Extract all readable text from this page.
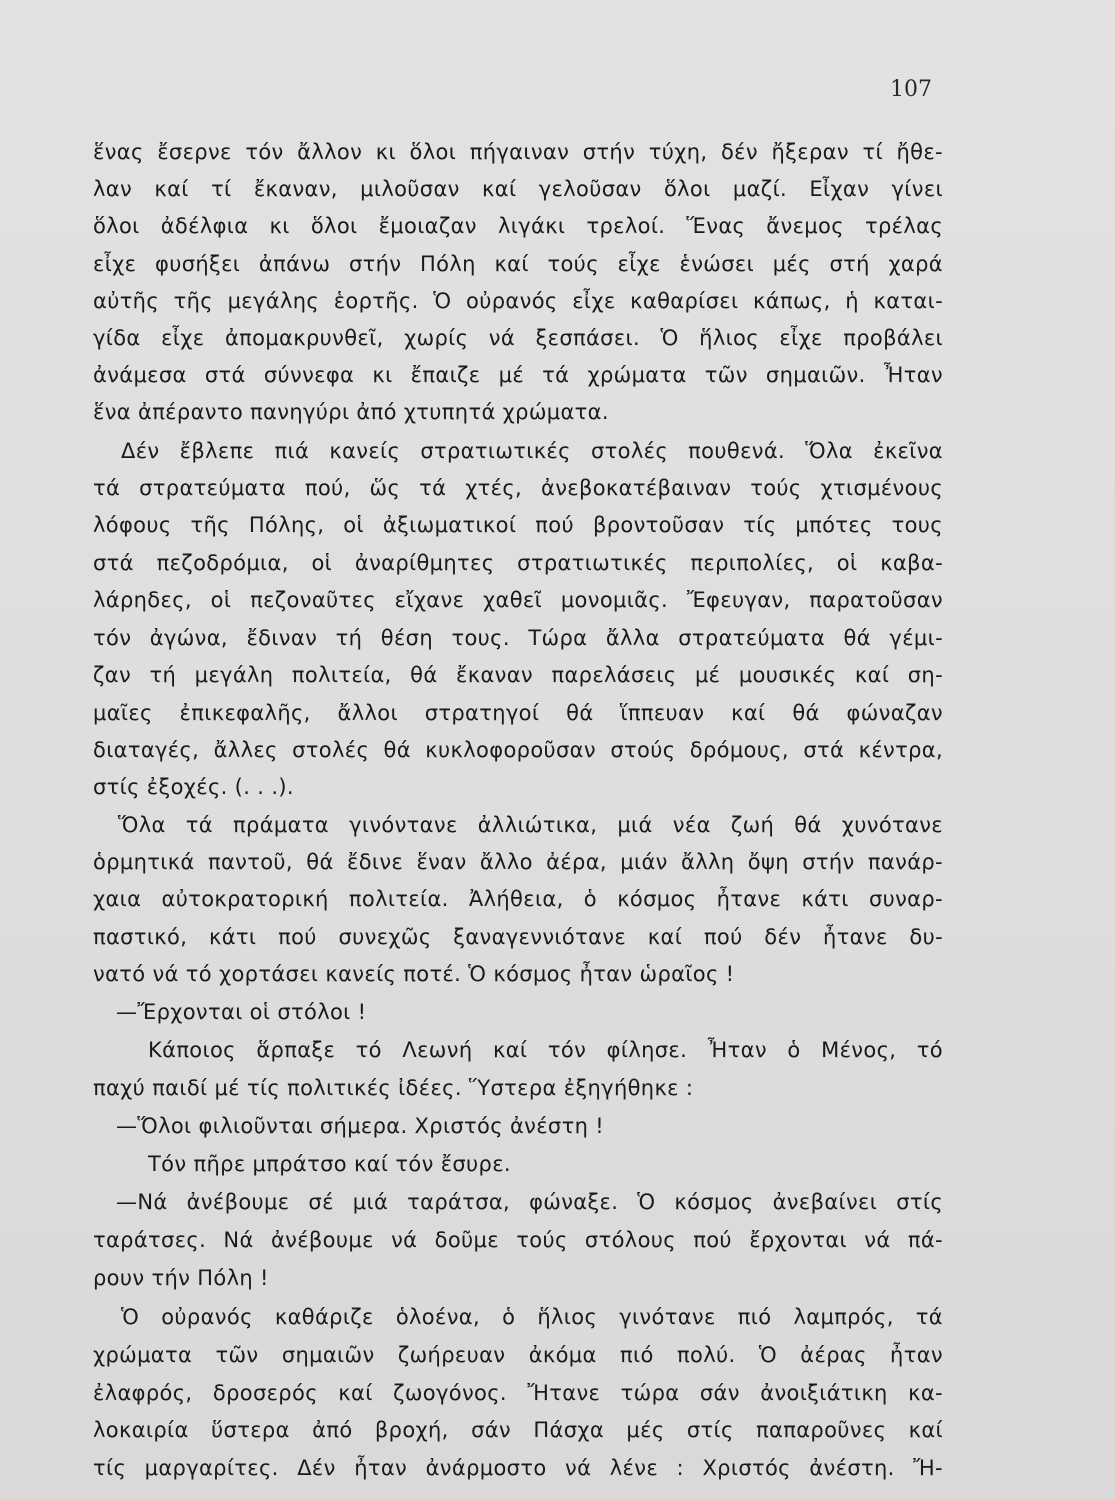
107
ἕνας ἔσερνε τόν ἄλλον κι ὅλοι πήγαιναν στήν τύχη, δέν ἤξεραν τί ἤθε-
λαν καί τί ἔκαναν, μιλοῦσαν καί γελοῦσαν ὅλοι μαζί. Εἶχαν γίνει
ὅλοι ἀδέλφια κι ὅλοι ἔμοιαζαν λιγάκι τρελοί. Ἕνας ἄνεμος τρέλας
εἶχε φυσήξει ἀπάνω στήν Πόλη καί τούς εἶχε ἑνώσει μές στή χαρά
αὐτῆς τῆς μεγάλης ἑορτῆς. Ὁ οὐρανός εἶχε καθαρίσει κάπως, ἡ καται-
γίδα εἶχε ἀπομακρυνθεῖ, χωρίς νά ξεσπάσει. Ὁ ἥλιος εἶχε προβάλει
ἀνάμεσα στά σύννεφα κι ἔπαιζε μέ τά χρώματα τῶν σημαιῶν. Ἦταν
ἕνα ἀπέραντο πανηγύρι ἀπό χτυπητά χρώματα.
Δέν ἔβλεπε πιά κανείς στρατιωτικές στολές πουθενά. Ὅλα ἐκεῖνα
τά στρατεύματα πού, ὥς τά χτές, ἀνεβοκατέβαιναν τούς χτισμένους
λόφους τῆς Πόλης, οἱ ἀξιωματικοί πού βροντοῦσαν τίς μπότες τους
στά πεζοδρόμια, οἱ ἀναρίθμητες στρατιωτικές περιπολίες, οἱ καβα-
λάρηδες, οἱ πεζοναῦτες εἴχανε χαθεῖ μονομιᾶς. Ἔφευγαν, παρατοῦσαν
τόν ἀγώνα, ἔδιναν τή θέση τους. Τώρα ἄλλα στρατεύματα θά γέμι-
ζαν τή μεγάλη πολιτεία, θά ἔκαναν παρελάσεις μέ μουσικές καί ση-
μαῖες ἐπικεφαλῆς, ἄλλοι στρατηγοί θά ἵππευαν καί θά φώναζαν
διαταγές, ἄλλες στολές θά κυκλοφοροῦσαν στούς δρόμους, στά κέντρα,
στίς ἐξοχές. (. . .).
Ὅλα τά πράματα γινόντανε ἀλλιώτικα, μιά νέα ζωή θά χυνότανε
ὁρμητικά παντοῦ, θά ἔδινε ἕναν ἄλλο ἀέρα, μιάν ἄλλη ὄψη στήν πανάρ-
χαια αὐτοκρατορική πολιτεία. Ἀλήθεια, ὁ κόσμος ἦτανε κάτι συναρ-
παστικό, κάτι πού συνεχῶς ξαναγεννιότανε καί πού δέν ἦτανε δυ-
νατό νά τό χορτάσει κανείς ποτέ. Ὁ κόσμος ἦταν ὡραῖος !
—Ἔρχονται οἱ στόλοι !
Κάποιος ἅρπαξε τό Λεωνή καί τόν φίλησε. Ἦταν ὁ Μένος, τό
παχύ παιδί μέ τίς πολιτικές ἰδέες. Ὕστερα ἐξηγήθηκε :
—Ὅλοι φιλιοῦνται σήμερα. Χριστός ἀνέστη !
Τόν πῆρε μπράτσο καί τόν ἔσυρε.
—Νά ἀνέβουμε σέ μιά ταράτσα, φώναξε. Ὁ κόσμος ἀνεβαίνει στίς
ταράτσες. Νά ἀνέβουμε νά δοῦμε τούς στόλους πού ἔρχονται νά πά-
ρουν τήν Πόλη !
Ὁ οὐρανός καθάριζε ὁλοένα, ὁ ἥλιος γινότανε πιό λαμπρός, τά
χρώματα τῶν σημαιῶν ζωήρευαν ἀκόμα πιό πολύ. Ὁ ἀέρας ἦταν
ἐλαφρός, δροσερός καί ζωογόνος. Ἤτανε τώρα σάν ἀνοιξιάτικη κα-
λοκαιρία ὕστερα ἀπό βροχή, σάν Πάσχα μές στίς παπαροῦνες καί
τίς μαργαρίτες. Δέν ἦταν ἀνάρμοστο νά λένε : Χριστός ἀνέστη. Ἤ-
